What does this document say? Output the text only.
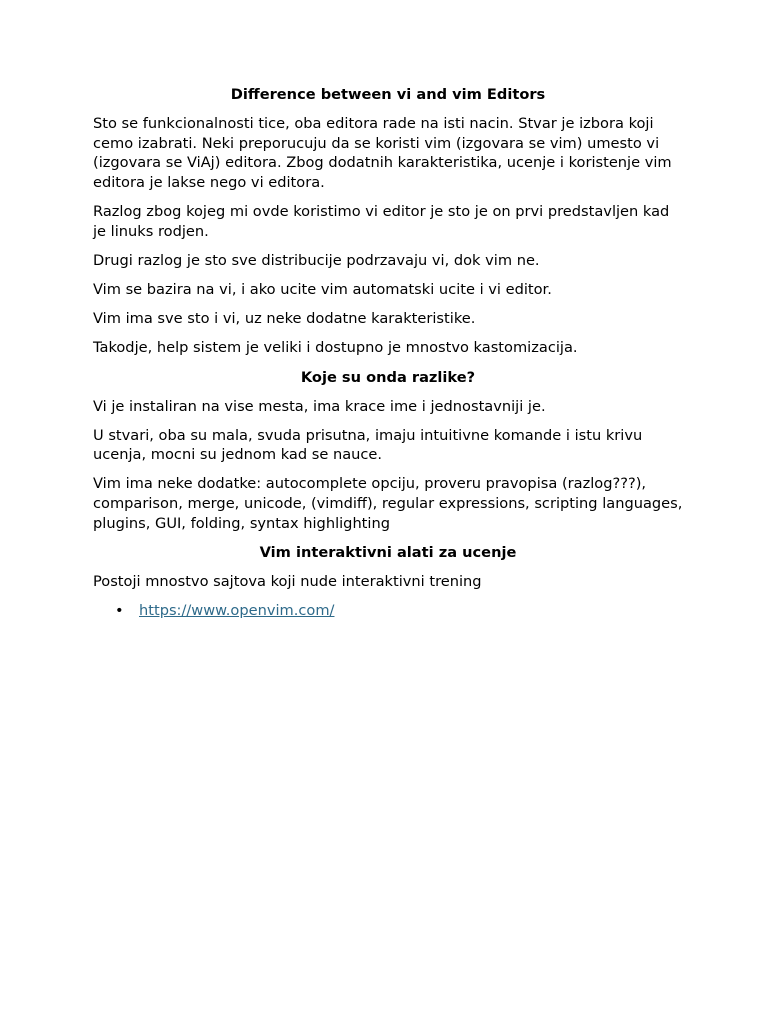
Difference between vi and vim Editors

Sto se funkcionalnosti tice, oba editora rade na isti nacin. Stvar je izbora koji cemo izabrati. Neki preporucuju da se koristi vim (izgovara se vim) umesto vi (izgovara se ViAj) editora. Zbog dodatnih karakteristika, ucenje i koristenje vim editora je lakse nego vi editora.

Razlog zbog kojeg mi ovde koristimo vi editor je sto je on prvi predstavljen kad je linuks rodjen.

Drugi razlog je sto sve distribucije podrzavaju vi, dok vim ne.

Vim se bazira na vi, i ako ucite vim automatski ucite i vi editor.

Vim ima sve sto i vi, uz neke dodatne karakteristike.

Takodje, help sistem je veliki i dostupno je mnostvo kastomizacija.

Koje su onda razlike?

Vi je instaliran na vise mesta, ima krace ime i jednostavniji je.

U stvari, oba su mala, svuda prisutna, imaju intuitivne komande i istu krivu ucenja, mocni su jednom kad se nauce.

Vim ima neke dodatke: autocomplete opciju, proveru pravopisa (razlog???), comparison, merge, unicode, (vimdiff), regular expressions, scripting languages, plugins, GUI, folding, syntax highlighting

Vim interaktivni alati za ucenje

Postoji mnostvo sajtova koji nude interaktivni trening

• https://www.openvim.com/
